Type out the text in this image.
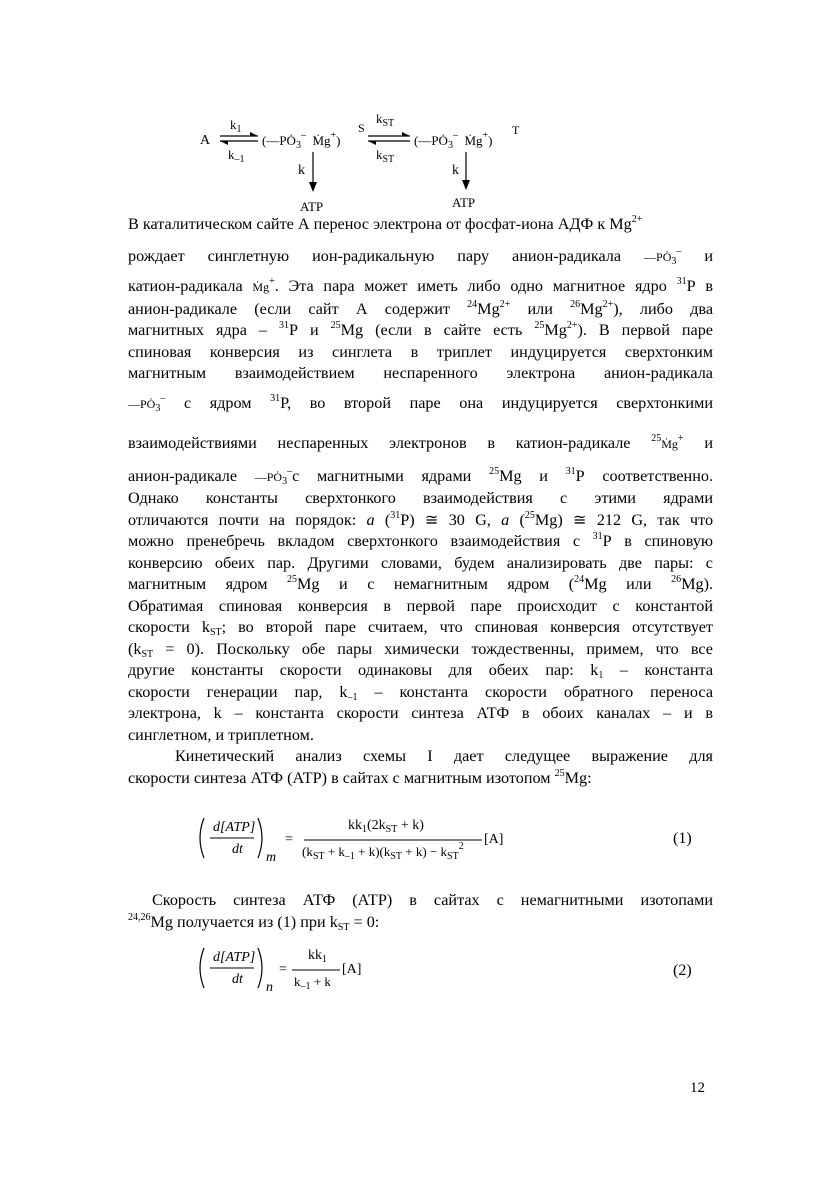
A
$k_1$
$k_{-1}$
($—PȮ_3^-$ Ṁg+)
S
$k_{ST}$
$k_{ST}$
($—PȮ_3^-$ Ṁg+)
T
k	k
ATP	ATP

В каталитическом сайте А перенос электрона от фосфат-иона АДФ к $Mg^{2+}$

рождает синглетную ион-радикальную пару анион-радикала $—PȮ_3^-$ и

катион-радикала Ṁg+. Эта пара может иметь либо одно магнитное ядро $^{31}$Р в

анион-радикале (если сайт А содержит $^{24}Mg^{2+}$ или $^{26}Mg^{2+}$), либо два

магнитных ядра – $^{31}$Р и $^{25}$Mg (если в сайте есть $^{25}Mg^{2+}$). В первой паре

спиновая конверсия из синглета в триплет индуцируется сверхтонким

магнитным взаимодействием неспаренного электрона анион-радикала

$—PȮ_3^-$ с ядром $^{31}$Р, во второй паре она индуцируется сверхтонкими

взаимодействиями неспаренных электронов в катион-радикале $^{25}$Ṁg+ и

анион-радикале $—PȮ_3^-с$ магнитными ядрами $^{25}$Mg и $^{31}$Р соответственно.

Однако константы сверхтонкого взаимодействия с этими ядрами

отличаются почти на порядок: a ($^{31}$Р) ≅ 30 G, a ($^{25}$Mg) ≅ 212 G, так что

можно пренебречь вкладом сверхтонкого взаимодействия с $^{31}$Р в спиновую

конверсию обеих пар. Другими словами, будем анализировать две пары: с

магнитным ядром $^{25}$Mg и с немагнитным ядром ($^{24}$Mg или $^{26}$Mg).

Обратимая спиновая конверсия в первой паре происходит с константой

скорости $k_{ST}$; во второй паре считаем, что спиновая конверсия отсутствует

$(k_{ST} = 0)$. Поскольку обе пары химически тождественны, примем, что все

другие константы скорости одинаковы для обеих пар: $k_1$ – константа

скорости генерации пар, $k_{-1}$ – константа скорости обратного переноса

электрона, k – константа скорости синтеза АТФ в обоих каналах – и в

синглетном, и триплетном.

Кинетический анализ схемы I дает следущее выражение для

скорости синтеза АТФ (АТР) в сайтах с магнитным изотопом $^{25}$Mg:

d[ATP]
dt
m
=
$kk_1(2k_{ST} + k)$
$(k_{ST} + k_{-1} + k)(k_{ST} + k) - k_{ST}^2$ [A]	(1)

Скорость синтеза АТФ (АТР) в сайтах с немагнитными изотопами

$^{24,26}$Mg получается из (1) при $k_{ST} = 0$:

d[ATP]
dt
n
=
$kk_1$
$k_{-1} + k$
[A]	(2)
12
